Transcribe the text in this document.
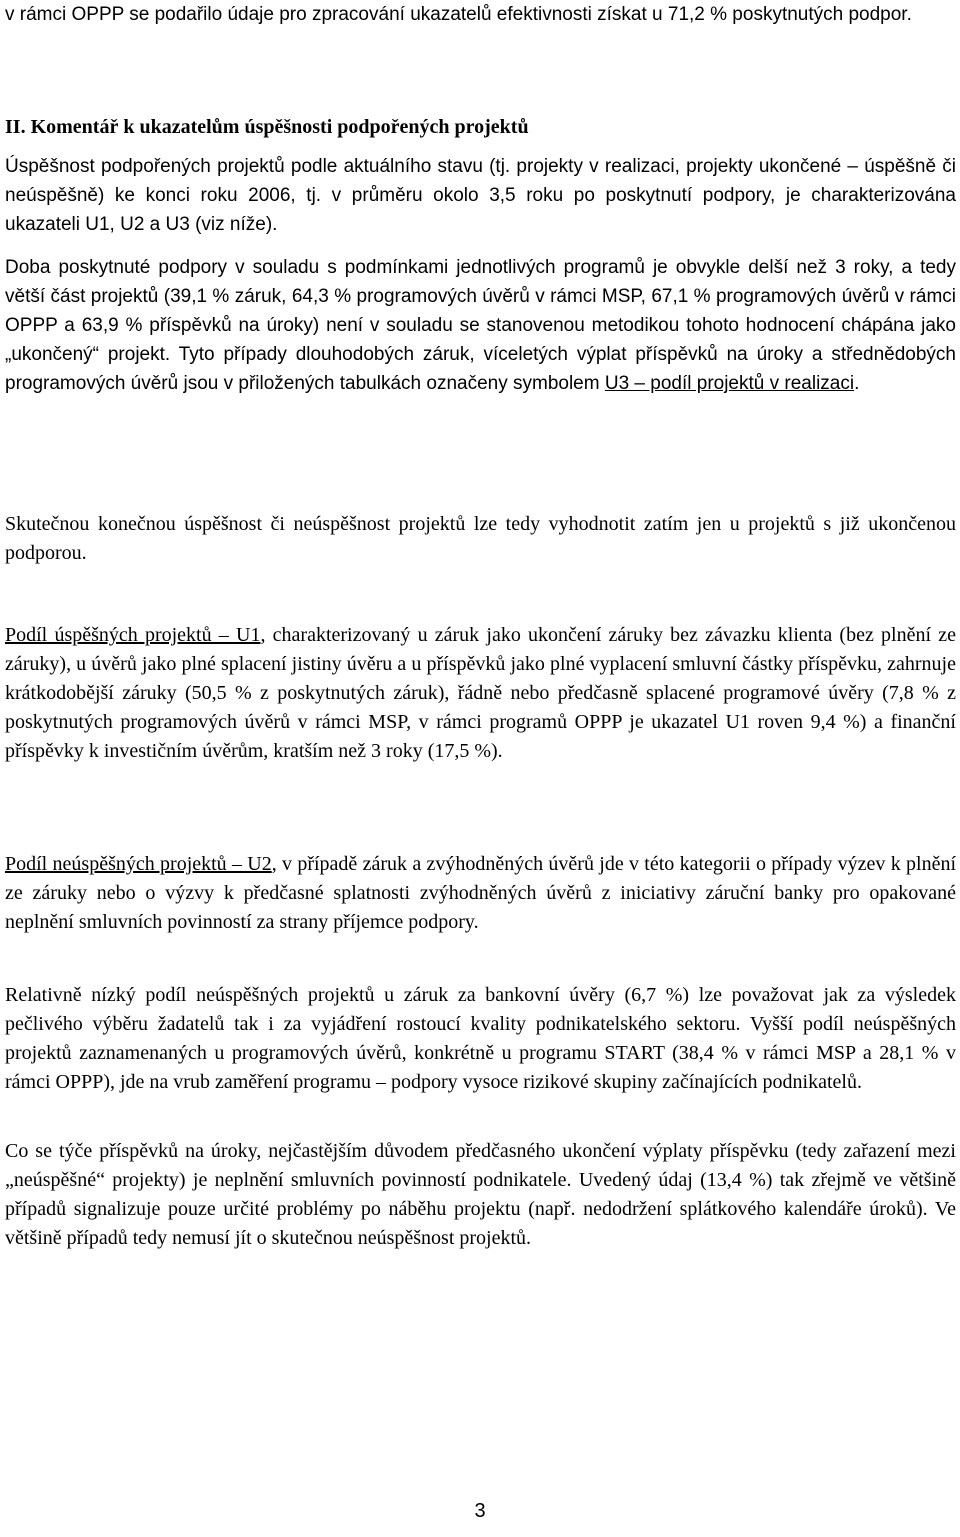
v rámci OPPP se podařilo údaje pro zpracování ukazatelů efektivnosti získat u 71,2 % poskytnutých podpor.

II. Komentář k ukazatelům úspěšnosti podpořených projektů

Úspěšnost podpořených projektů podle aktuálního stavu (tj. projekty v realizaci, projekty ukončené – úspěšně či neúspěšně) ke konci roku 2006, tj. v průměru okolo 3,5 roku po poskytnutí podpory, je charakterizována ukazateli U1, U2 a U3 (viz níže).

Doba poskytnuté podpory v souladu s podmínkami jednotlivých programů je obvykle delší než 3 roky, a tedy větší část projektů (39,1 % záruk, 64,3 % programových úvěrů v rámci MSP, 67,1 % programových úvěrů v rámci OPPP a 63,9 % příspěvků na úroky) není v souladu se stanovenou metodikou tohoto hodnocení chápána jako „ukončený“ projekt. Tyto případy dlouhodobých záruk, víceletých výplat příspěvků na úroky a střednědobých programových úvěrů jsou v přiložených tabulkách označeny symbolem U3 – podíl projektů v realizaci.

Skutečnou konečnou úspěšnost či neúspěšnost projektů lze tedy vyhodnotit zatím jen u projektů s již ukončenou podporou.

Podíl úspěšných projektů – U1, charakterizovaný u záruk jako ukončení záruky bez závazku klienta (bez plnění ze záruky), u úvěrů jako plné splacení jistiny úvěru a u příspěvků jako plné vyplacení smluvní částky příspěvku, zahrnuje krátkodobější záruky (50,5 % z poskytnutých záruk), řádně nebo předčasně splacené programové úvěry (7,8 % z poskytnutých programových úvěrů v rámci MSP, v rámci programů OPPP je ukazatel U1 roven 9,4 %) a finanční příspěvky k investičním úvěrům, kratším než 3 roky (17,5 %).

Podíl neúspěšných projektů – U2, v případě záruk a zvýhodněných úvěrů jde v této kategorii o případy výzev k plnění ze záruky nebo o výzvy k předčasné splatnosti zvýhodněných úvěrů z iniciativy záruční banky pro opakované neplnění smluvních povinností za strany příjemce podpory.

Relativně nízký podíl neúspěšných projektů u záruk za bankovní úvěry (6,7 %) lze považovat jak za výsledek pečlivého výběru žadatelů tak i za vyjádření rostoucí kvality podnikatelského sektoru. Vyšší podíl neúspěšných projektů zaznamenaných u programových úvěrů, konkrétně u programu START (38,4 % v rámci MSP a 28,1 % v rámci OPPP), jde na vrub zaměření programu – podpory vysoce rizikové skupiny začínajících podnikatelů.

Co se týče příspěvků na úroky, nejčastějším důvodem předčasného ukončení výplaty příspěvku (tedy zařazení mezi „neúspěšné“ projekty) je neplnění smluvních povinností podnikatele. Uvedený údaj (13,4 %) tak zřejmě ve většině případů signalizuje pouze určité problémy po náběhu projektu (např. nedodržení splátkového kalendáře úroků). Ve většině případů tedy nemusí jít o skutečnou neúspěšnost projektů.

3
